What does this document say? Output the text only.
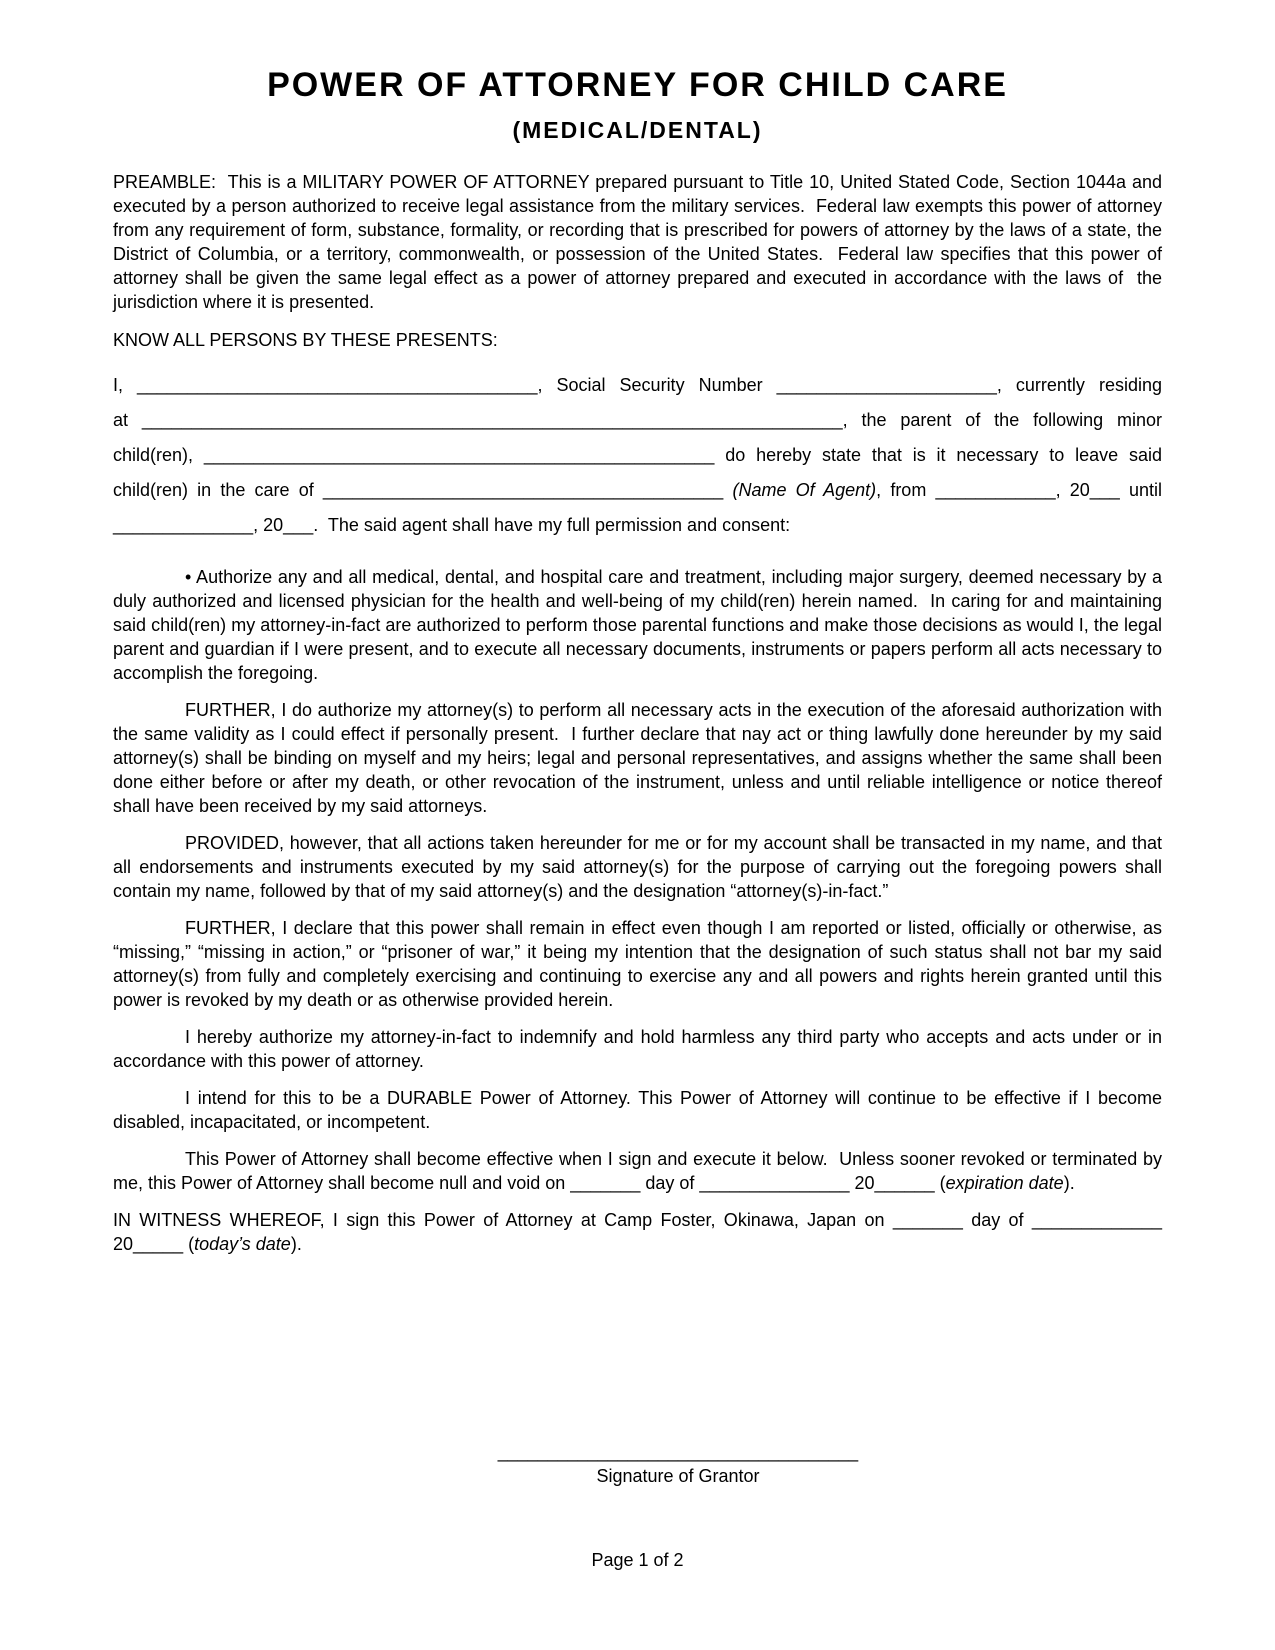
POWER OF ATTORNEY FOR CHILD CARE
(MEDICAL/DENTAL)

PREAMBLE:  This is a MILITARY POWER OF ATTORNEY prepared pursuant to Title 10, United Stated Code, Section 1044a and executed by a person authorized to receive legal assistance from the military services.  Federal law exempts this power of attorney from any requirement of form, substance, formality, or recording that is prescribed for powers of attorney by the laws of a state, the District of Columbia, or a territory, commonwealth, or possession of the United States.  Federal law specifies that this power of attorney shall be given the same legal effect as a power of attorney prepared and executed in accordance with the laws of  the jurisdiction where it is presented.

KNOW ALL PERSONS BY THESE PRESENTS:

I, ________________________________________, Social Security Number ______________________, currently residing
at ______________________________________________________________________, the parent of the following minor
child(ren), ___________________________________________________ do hereby state that is it necessary to leave said
child(ren) in the care of ________________________________________ (Name Of Agent), from ____________, 20___ until
______________, 20___.  The said agent shall have my full permission and consent:

• Authorize any and all medical, dental, and hospital care and treatment, including major surgery, deemed necessary by a duly authorized and licensed physician for the health and well-being of my child(ren) herein named.  In caring for and maintaining said child(ren) my attorney-in-fact are authorized to perform those parental functions and make those decisions as would I, the legal parent and guardian if I were present, and to execute all necessary documents, instruments or papers perform all acts necessary to accomplish the foregoing.

FURTHER, I do authorize my attorney(s) to perform all necessary acts in the execution of the aforesaid authorization with the same validity as I could effect if personally present.  I further declare that nay act or thing lawfully done hereunder by my said attorney(s) shall be binding on myself and my heirs; legal and personal representatives, and assigns whether the same shall been done either before or after my death, or other revocation of the instrument, unless and until reliable intelligence or notice thereof shall have been received by my said attorneys.

PROVIDED, however, that all actions taken hereunder for me or for my account shall be transacted in my name, and that all endorsements and instruments executed by my said attorney(s) for the purpose of carrying out the foregoing powers shall contain my name, followed by that of my said attorney(s) and the designation “attorney(s)-in-fact.”

FURTHER, I declare that this power shall remain in effect even though I am reported or listed, officially or otherwise, as “missing,” “missing in action,” or “prisoner of war,” it being my intention that the designation of such status shall not bar my said attorney(s) from fully and completely exercising and continuing to exercise any and all powers and rights herein granted until this power is revoked by my death or as otherwise provided herein.

I hereby authorize my attorney-in-fact to indemnify and hold harmless any third party who accepts and acts under or in accordance with this power of attorney.

I intend for this to be a DURABLE Power of Attorney. This Power of Attorney will continue to be effective if I become disabled, incapacitated, or incompetent.

This Power of Attorney shall become effective when I sign and execute it below.  Unless sooner revoked or terminated by me, this Power of Attorney shall become null and void on _______ day of _______________ 20______ (expiration date).

IN WITNESS WHEREOF, I sign this Power of Attorney at Camp Foster, Okinawa, Japan on _______ day of _____________ 20_____ (today’s date).

____________________________________
Signature of Grantor
Page 1 of 2
